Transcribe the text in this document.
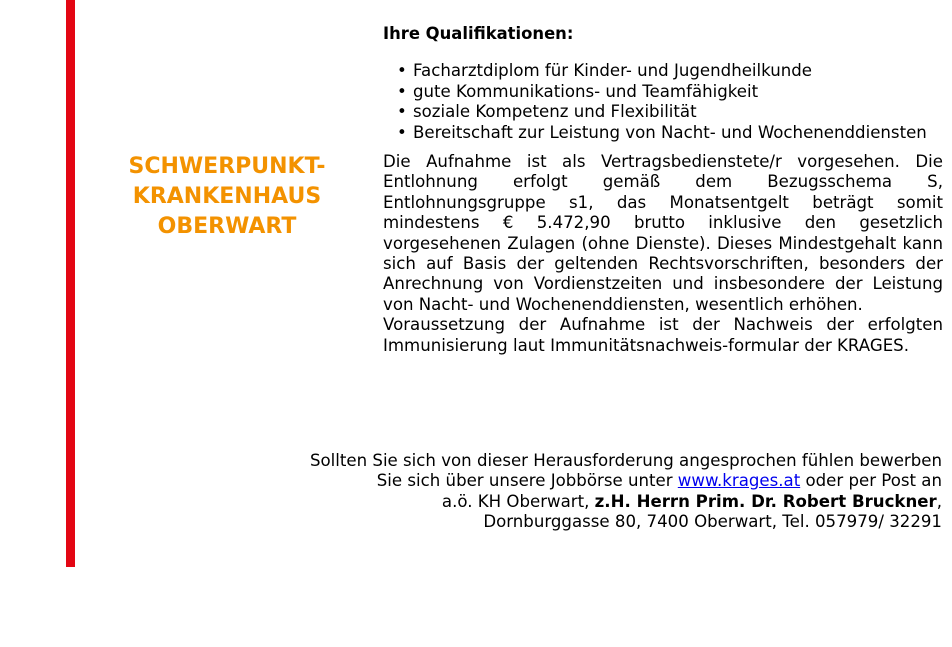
SCHWERPUNKT-
KRANKENHAUS
OBERWART
Ihre Qualifikationen:
• Facharztdiplom für Kinder- und Jugendheilkunde
• gute Kommunikations- und Teamfähigkeit
• soziale Kompetenz und Flexibilität
• Bereitschaft zur Leistung von Nacht- und Wochenenddiensten

Die Aufnahme ist als Vertragsbedienstete/r vorgesehen. Die Entlohnung erfolgt gemäß dem Bezugsschema S, Entlohnungsgruppe s1, das Monatsentgelt beträgt somit mindestens € 5.472,90 brutto inklusive den gesetzlich vorgesehenen Zulagen (ohne Dienste). Dieses Mindestgehalt kann sich auf Basis der geltenden Rechtsvorschriften, besonders der Anrechnung von Vordienstzeiten und insbesondere der Leistung von Nacht- und Wochenenddiensten, wesentlich erhöhen.

Voraussetzung der Aufnahme ist der Nachweis der erfolgten Immunisierung laut Immunitätsnachweis-formular der KRAGES.

Sollten Sie sich von dieser Herausforderung angesprochen fühlen bewerben
Sie sich über unsere Jobbörse unter www.krages.at oder per Post an
a.ö. KH Oberwart, z.H. Herrn Prim. Dr. Robert Bruckner,
Dornburggasse 80, 7400 Oberwart, Tel. 057979/ 32291
